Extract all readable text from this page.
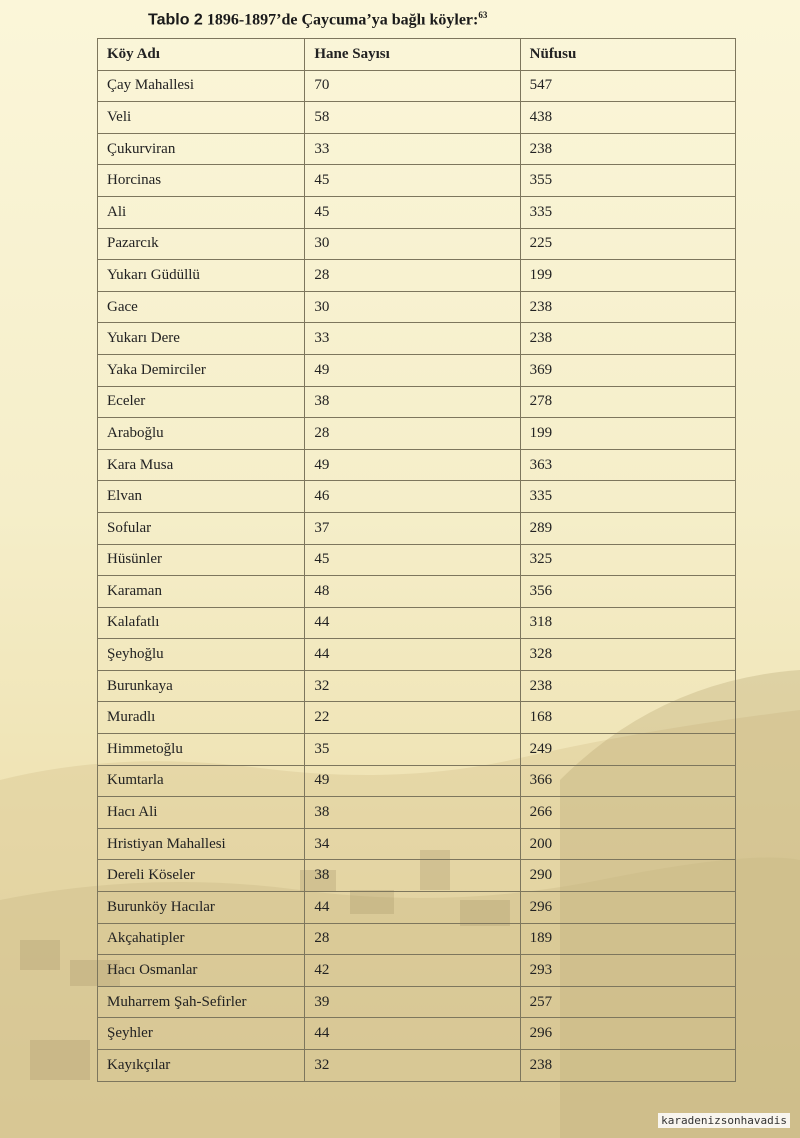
Tablo 2 1896-1897’de Çaycuma’ya bağlı köyler:$^{63}$
Köy Adı	Hane Sayısı	Nüfusu
Çay Mahallesi	70	547
Veli	58	438
Çukurviran	33	238
Horcinas	45	355
Ali	45	335
Pazarcık	30	225
Yukarı Güdüllü	28	199
Gace	30	238
Yukarı Dere	33	238
Yaka Demirciler	49	369
Eceler	38	278
Araboğlu	28	199
Kara Musa	49	363
Elvan	46	335
Sofular	37	289
Hüsünler	45	325
Karaman	48	356
Kalafatlı	44	318
Şeyhoğlu	44	328
Burunkaya	32	238
Muradlı	22	168
Himmetoğlu	35	249
Kumtarla	49	366
Hacı Ali	38	266
Hristiyan Mahallesi	34	200
Dereli Köseler	38	290
Burunköy Hacılar	44	296
Akçahatipler	28	189
Hacı Osmanlar	42	293
Muharrem Şah-Sefirler	39	257
Şeyhler	44	296
Kayıkçılar	32	238
karadenizsonhavadis
